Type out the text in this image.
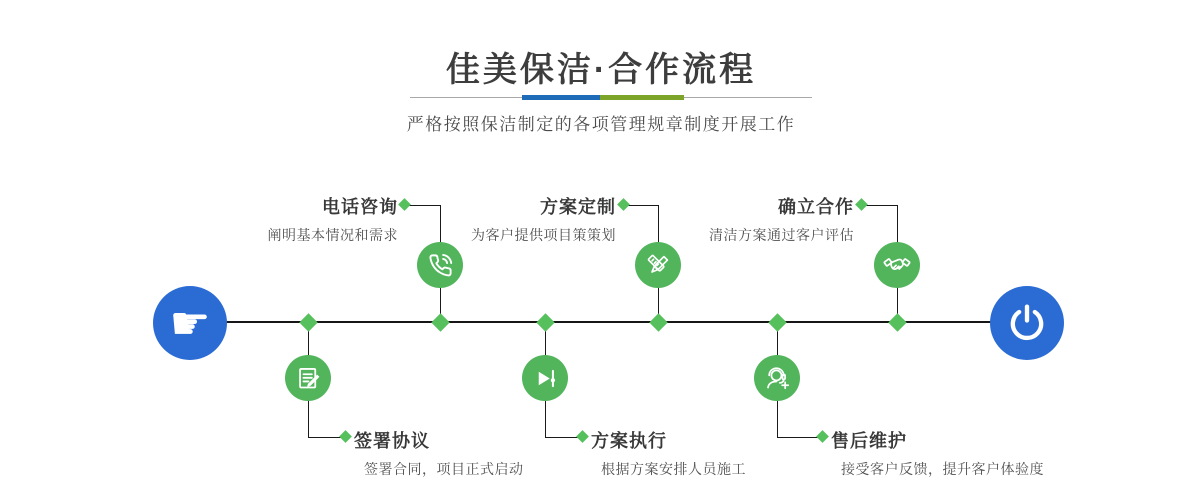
佳美保洁·合作流程

严格按照保洁制定的各项管理规章制度开展工作

☛
电话咨询
阐明基本情况和需求
方案定制
为客户提供项目策策划
确立合作
清洁方案通过客户评估
签署协议
签署合同，项目正式启动
方案执行
根据方案安排人员施工
售后维护
接受客户反馈，提升客户体验度
